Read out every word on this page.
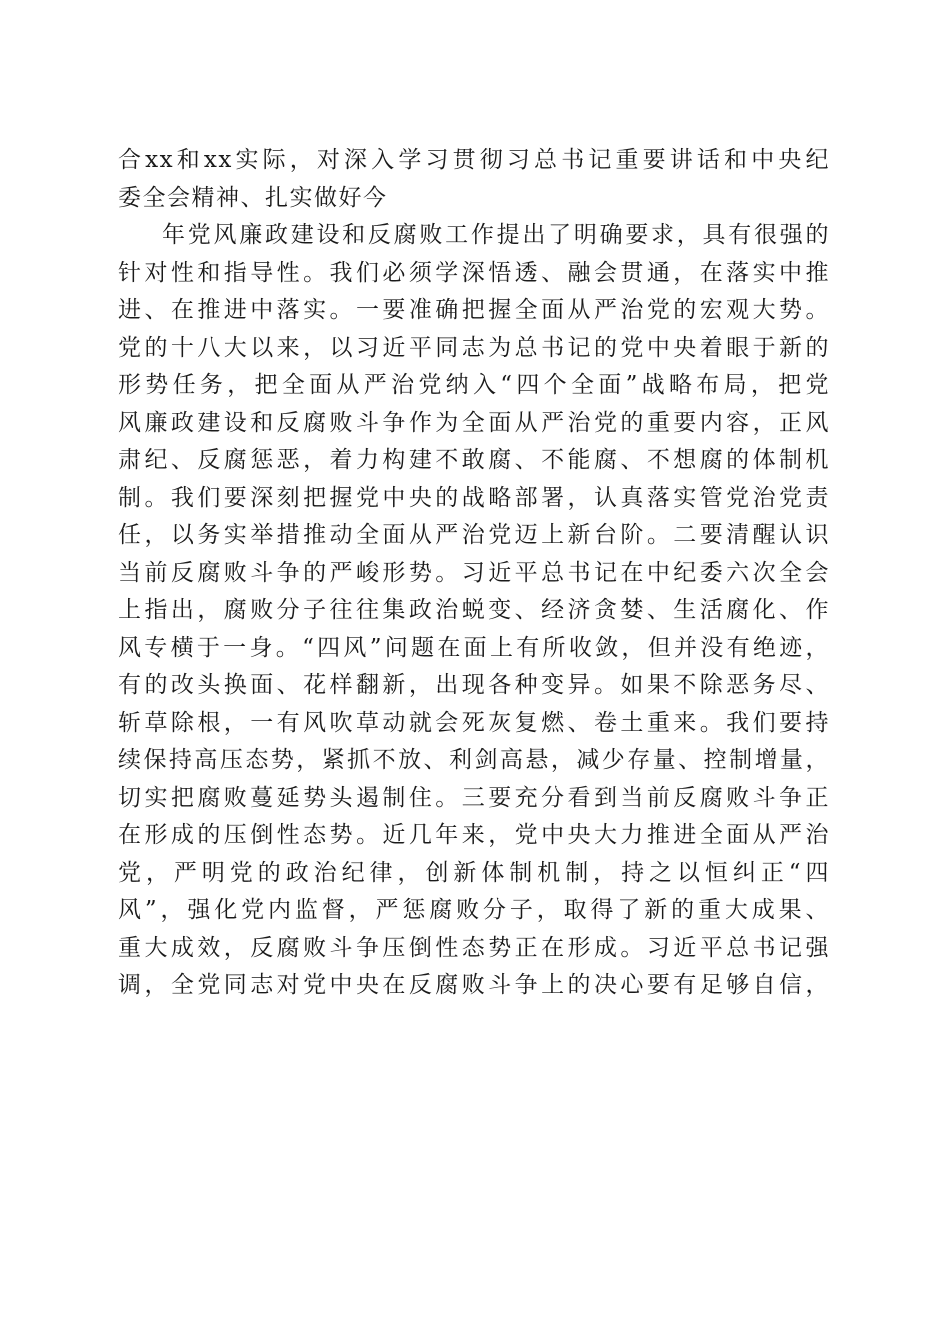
合xx和xx实际，对深入学习贯彻习总书记重要讲话和中央纪
委全会精神、扎实做好今
年党风廉政建设和反腐败工作提出了明确要求，具有很强的
针对性和指导性。我们必须学深悟透、融会贯通，在落实中推
进、在推进中落实。一要准确把握全面从严治党的宏观大势。
党的十八大以来，以习近平同志为总书记的党中央着眼于新的
形势任务，把全面从严治党纳入“四个全面”战略布局，把党
风廉政建设和反腐败斗争作为全面从严治党的重要内容，正风
肃纪、反腐惩恶，着力构建不敢腐、不能腐、不想腐的体制机
制。我们要深刻把握党中央的战略部署，认真落实管党治党责
任，以务实举措推动全面从严治党迈上新台阶。二要清醒认识
当前反腐败斗争的严峻形势。习近平总书记在中纪委六次全会
上指出，腐败分子往往集政治蜕变、经济贪婪、生活腐化、作
风专横于一身。“四风”问题在面上有所收敛，但并没有绝迹，
有的改头换面、花样翻新，出现各种变异。如果不除恶务尽、
斩草除根，一有风吹草动就会死灰复燃、卷土重来。我们要持
续保持高压态势，紧抓不放、利剑高悬，减少存量、控制增量，
切实把腐败蔓延势头遏制住。三要充分看到当前反腐败斗争正
在形成的压倒性态势。近几年来，党中央大力推进全面从严治
党，严明党的政治纪律，创新体制机制，持之以恒纠正“四
风”，强化党内监督，严惩腐败分子，取得了新的重大成果、
重大成效，反腐败斗争压倒性态势正在形成。习近平总书记强
调，全党同志对党中央在反腐败斗争上的决心要有足够自信，
